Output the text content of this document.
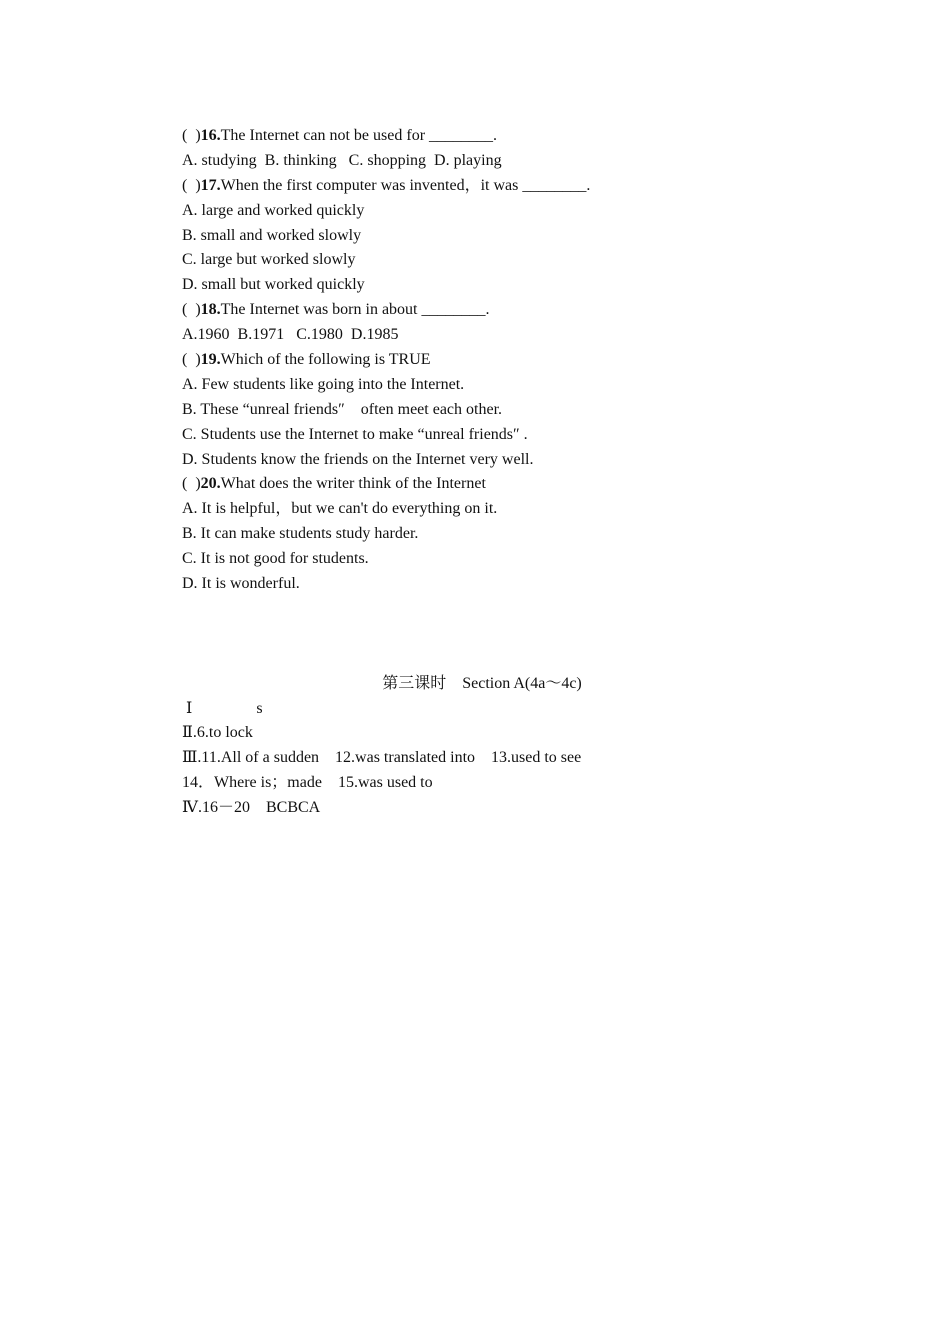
(  )16.The Internet can not be used for ________.
A. studying  B. thinking   C. shopping  D. playing
(  )17.When the first computer was invented，it was ________.
A. large and worked quickly
B. small and worked slowly
C. large but worked slowly
D. small but worked quickly
(  )18.The Internet was born in about ________.
A.1960  B.1971   C.1980  D.1985
(  )19.Which of the following is TRUE
A. Few students like going into the Internet.
B. These “unreal friends″    often meet each other.
C. Students use the Internet to make “unreal friends″ .
D. Students know the friends on the Internet very well.
(  )20.What does the writer think of the Internet
A. It is helpful，but we can't do everything on it.
B. It can make students study harder.
C. It is not good for students.
D. It is wonderful.
第三课时    Section A(4a～4c)
Ⅰ                s
Ⅱ.6.to lock
Ⅲ.11.All of a sudden    12.was translated into    13.used to see
14．Where is；made    15.was used to
Ⅳ.16－20    BCBCA
